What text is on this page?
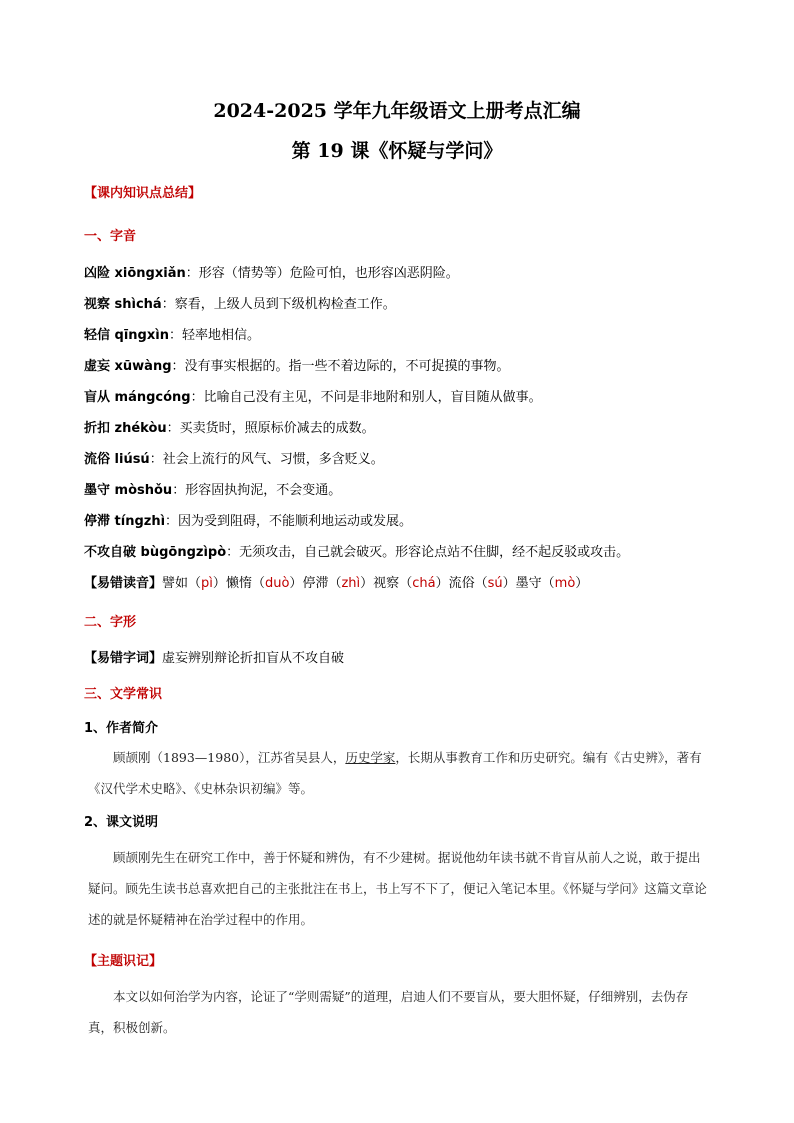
2024-2025 学年九年级语文上册考点汇编
第 19 课《怀疑与学问》
【课内知识点总结】
一、字音
凶险 xiōngxiǎn：形容（情势等）危险可怕，也形容凶恶阴险。
视察 shìchá：察看，上级人员到下级机构检查工作。
轻信 qīngxìn：轻率地相信。
虚妄 xūwàng：没有事实根据的。指一些不着边际的，不可捉摸的事物。
盲从 mángcóng：比喻自己没有主见，不问是非地附和别人，盲目随从做事。
折扣 zhékòu：买卖货时，照原标价减去的成数。
流俗 liúsú：社会上流行的风气、习惯，多含贬义。
墨守 mòshǒu：形容固执拘泥，不会变通。
停滞 tíngzhì：因为受到阻碍，不能顺利地运动或发展。
不攻自破 bùgōngzìpò：无须攻击，自己就会破灭。形容论点站不住脚，经不起反驳或攻击。
【易错读音】譬如（pì）懒惰（duò）停滞（zhì）视察（chá）流俗（sú）墨守（mò）
二、字形
【易错字词】虚妄辨别辩论折扣盲从不攻自破
三、文学常识
1、作者简介
顾颉刚（1893—1980），江苏省吴县人，历史学家，长期从事教育工作和历史研究。编有《古史辨》，著有《汉代学术史略》、《史林杂识初编》等。
2、课文说明
顾颉刚先生在研究工作中，善于怀疑和辨伪，有不少建树。据说他幼年读书就不肯盲从前人之说，敢于提出疑问。顾先生读书总喜欢把自己的主张批注在书上，书上写不下了，便记入笔记本里。《怀疑与学问》这篇文章论述的就是怀疑精神在治学过程中的作用。
【主题识记】
本文以如何治学为内容，论证了“学则需疑”的道理，启迪人们不要盲从，要大胆怀疑，仔细辨别，去伪存真，积极创新。
